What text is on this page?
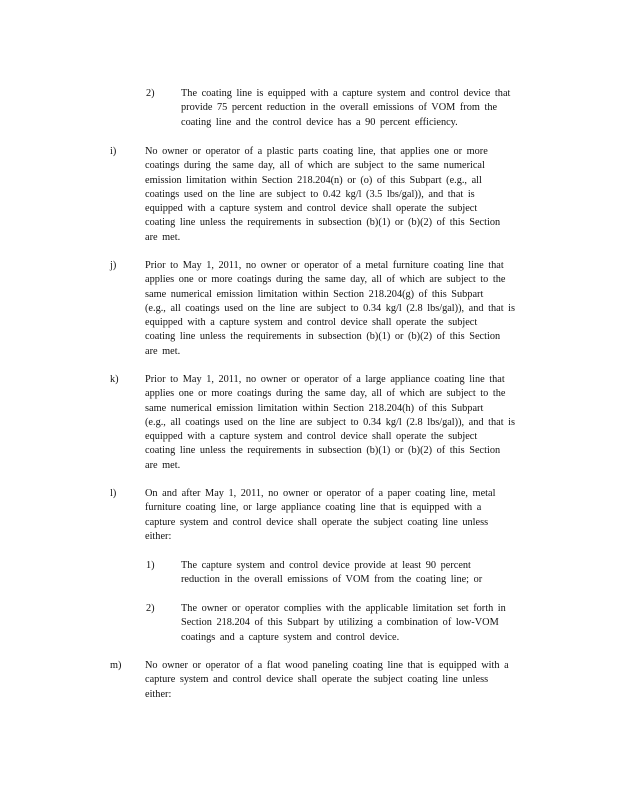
2)	The coating line is equipped with a capture system and control device that
provide 75 percent reduction in the overall emissions of VOM from the
coating line and the control device has a 90 percent efficiency.
i)	No owner or operator of a plastic parts coating line, that applies one or more
coatings during the same day, all of which are subject to the same numerical
emission limitation within Section 218.204(n) or (o) of this Subpart (e.g., all
coatings used on the line are subject to 0.42 kg/l (3.5 lbs/gal)), and that is
equipped with a capture system and control device shall operate the subject
coating line unless the requirements in subsection (b)(1) or (b)(2) of this Section
are met.
j)	Prior to May 1, 2011, no owner or operator of a metal furniture coating line that
applies one or more coatings during the same day, all of which are subject to the
same numerical emission limitation within Section 218.204(g) of this Subpart
(e.g., all coatings used on the line are subject to 0.34 kg/l (2.8 lbs/gal)), and that is
equipped with a capture system and control device shall operate the subject
coating line unless the requirements in subsection (b)(1) or (b)(2) of this Section
are met.
k)	Prior to May 1, 2011, no owner or operator of a large appliance coating line that
applies one or more coatings during the same day, all of which are subject to the
same numerical emission limitation within Section 218.204(h) of this Subpart
(e.g., all coatings used on the line are subject to 0.34 kg/l (2.8 lbs/gal)), and that is
equipped with a capture system and control device shall operate the subject
coating line unless the requirements in subsection (b)(1) or (b)(2) of this Section
are met.
l)	On and after May 1, 2011, no owner or operator of a paper coating line, metal
furniture coating line, or large appliance coating line that is equipped with a
capture system and control device shall operate the subject coating line unless
either:
1)	The capture system and control device provide at least 90 percent
reduction in the overall emissions of VOM from the coating line; or
2)	The owner or operator complies with the applicable limitation set forth in
Section 218.204 of this Subpart by utilizing a combination of low-VOM
coatings and a capture system and control device.
m) No owner or operator of a flat wood paneling coating line that is equipped with a
capture system and control device shall operate the subject coating line unless
either:
